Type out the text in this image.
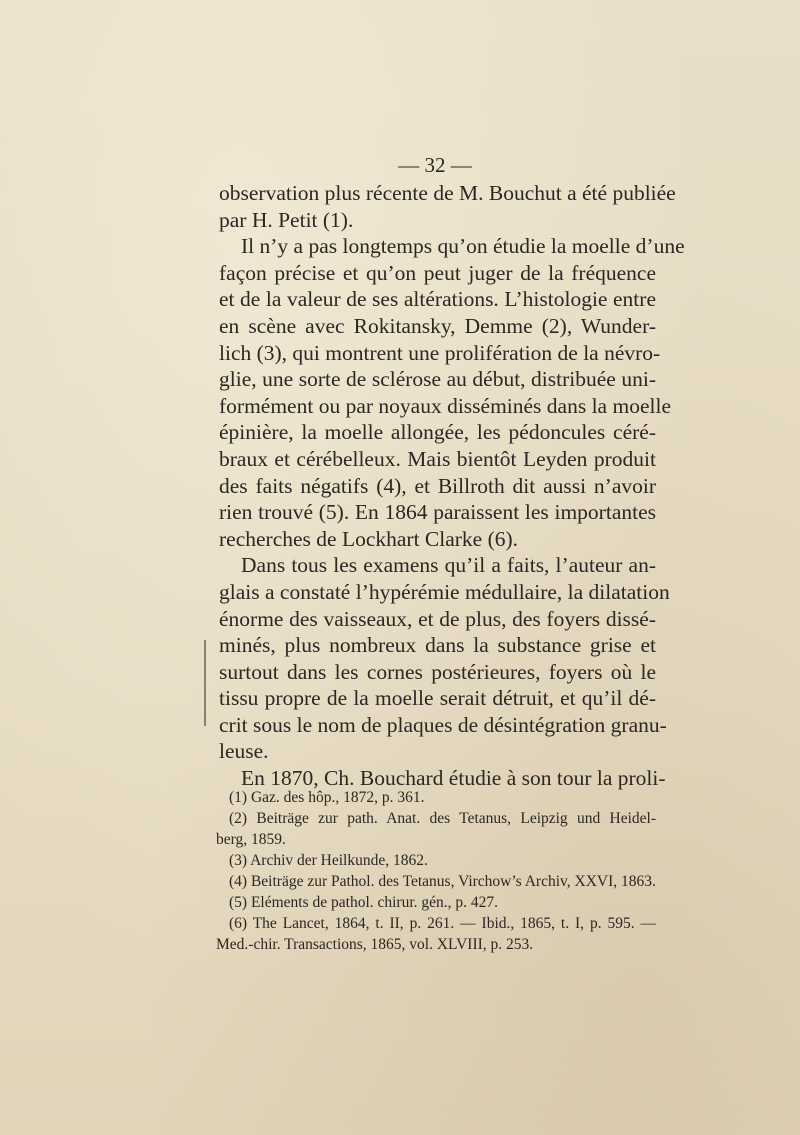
— 32 —
observation plus récente de M. Bouchut a été publiée
par H. Petit (1).
Il n’y a pas longtemps qu’on étudie la moelle d’une
façon précise et qu’on peut juger de la fréquence
et de la valeur de ses altérations. L’histologie entre
en scène avec Rokitansky, Demme (2), Wunder-
lich (3), qui montrent une prolifération de la névro-
glie, une sorte de sclérose au début, distribuée uni-
formément ou par noyaux disséminés dans la moelle
épinière, la moelle allongée, les pédoncules céré-
braux et cérébelleux. Mais bientôt Leyden produit
des faits négatifs (4), et Billroth dit aussi n’avoir
rien trouvé (5). En 1864 paraissent les importantes
recherches de Lockhart Clarke (6).
Dans tous les examens qu’il a faits, l’auteur an-
glais a constaté l’hypérémie médullaire, la dilatation
énorme des vaisseaux, et de plus, des foyers dissé-
minés, plus nombreux dans la substance grise et
surtout dans les cornes postérieures, foyers où le
tissu propre de la moelle serait détruit, et qu’il dé-
crit sous le nom de plaques de désintégration granu-
leuse.
En 1870, Ch. Bouchard étudie à son tour la proli-
(1) Gaz. des hôp., 1872, p. 361.
(2) Beiträge zur path. Anat. des Tetanus, Leipzig und Heidel-
berg, 1859.
(3) Archiv der Heilkunde, 1862.
(4) Beiträge zur Pathol. des Tetanus, Virchow’s Archiv, XXVI, 1863.
(5) Eléments de pathol. chirur. gén., p. 427.
(6) The Lancet, 1864, t. II, p. 261. — Ibid., 1865, t. I, p. 595. —
Med.-chir. Transactions, 1865, vol. XLVIII, p. 253.
